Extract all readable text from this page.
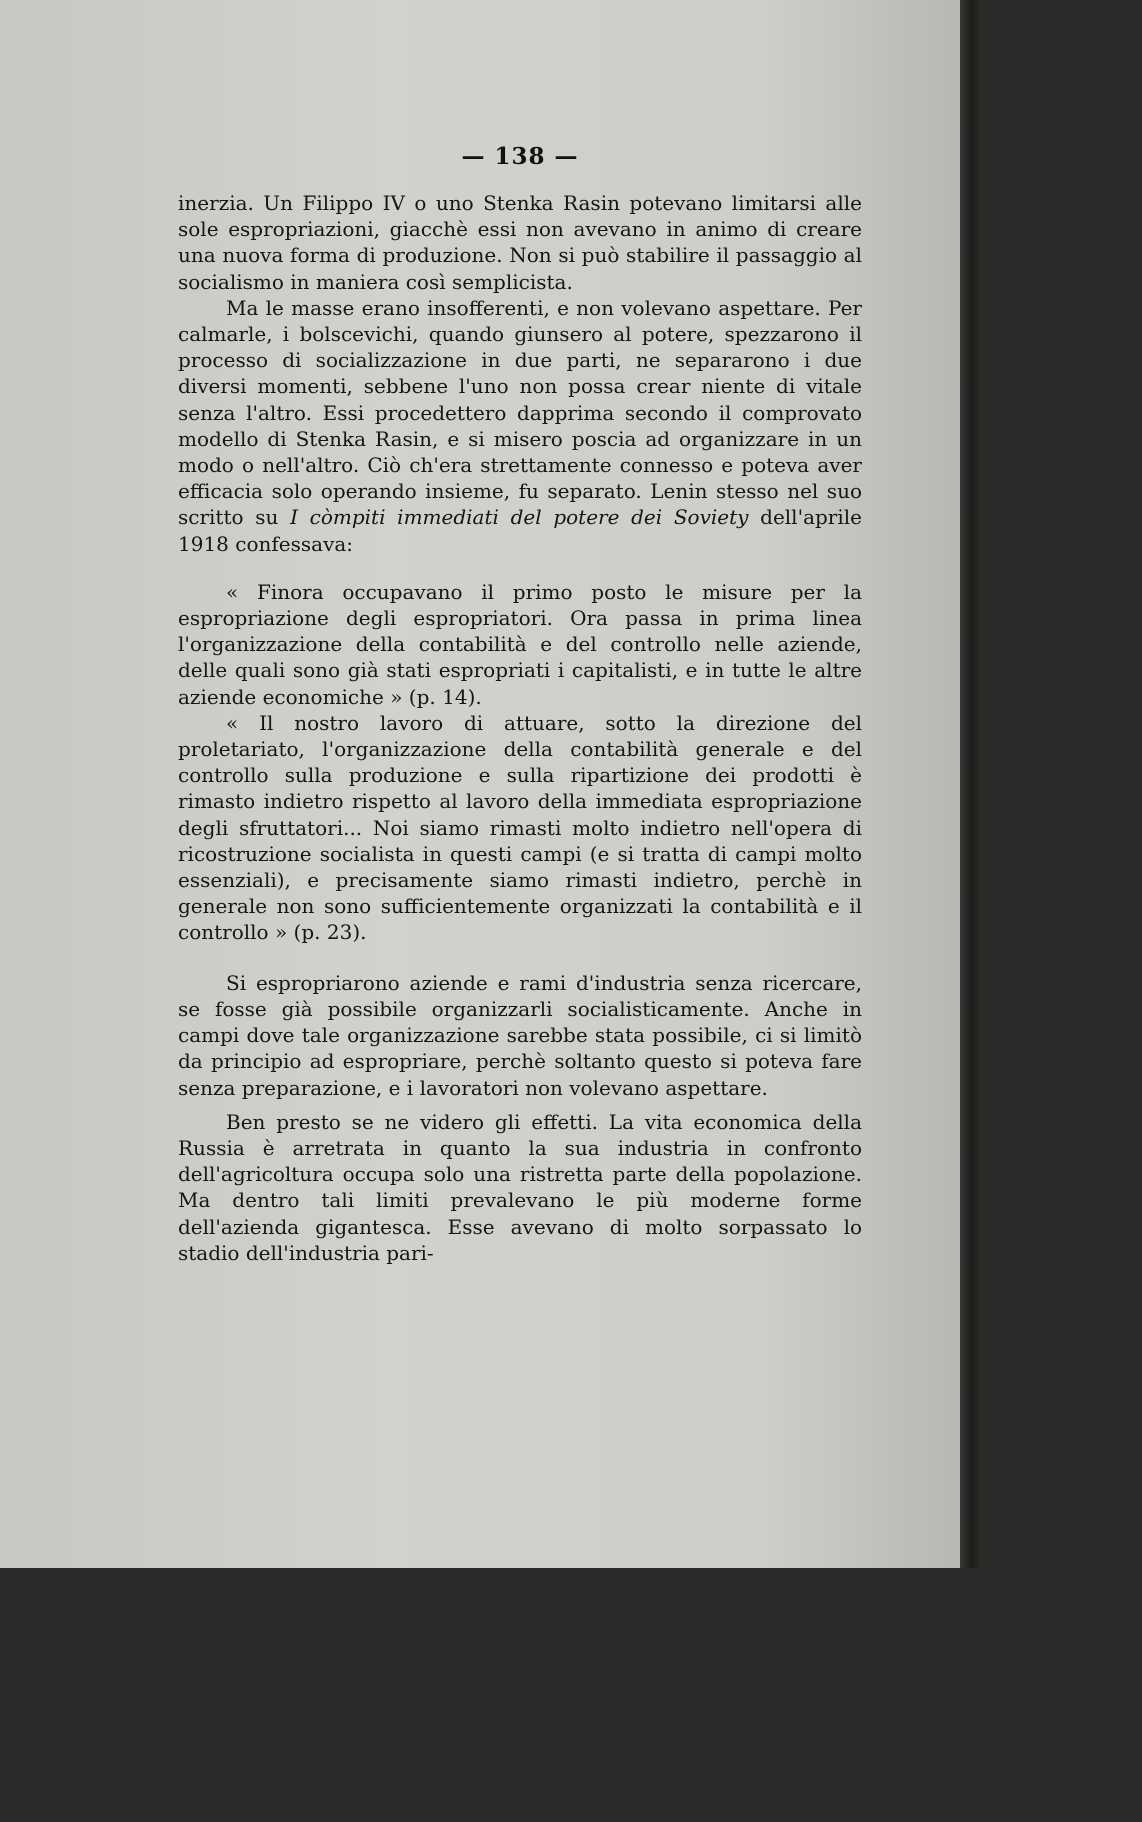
— 138 —

inerzia. Un Filippo IV o uno Stenka Rasin potevano limitarsi alle sole espropriazioni, giacchè essi non avevano in animo di creare una nuova forma di produzione. Non si può stabilire il passaggio al socialismo in maniera così semplicista.

Ma le masse erano insofferenti, e non volevano aspettare. Per calmarle, i bolscevichi, quando giunsero al potere, spezzarono il processo di socializzazione in due parti, ne separarono i due diversi momenti, sebbene l'uno non possa crear niente di vitale senza l'altro. Essi procedettero dapprima secondo il comprovato modello di Stenka Rasin, e si misero poscia ad organizzare in un modo o nell'altro. Ciò ch'era strettamente connesso e poteva aver efficacia solo operando insieme, fu separato. Lenin stesso nel suo scritto su I còmpiti immediati del potere dei Soviety dell'aprile 1918 confessava:

« Finora occupavano il primo posto le misure per la espropriazione degli espropriatori. Ora passa in prima linea l'organizzazione della contabilità e del controllo nelle aziende, delle quali sono già stati espropriati i capitalisti, e in tutte le altre aziende economiche » (p. 14).

« Il nostro lavoro di attuare, sotto la direzione del proletariato, l'organizzazione della contabilità generale e del controllo sulla produzione e sulla ripartizione dei prodotti è rimasto indietro rispetto al lavoro della immediata espropriazione degli sfruttatori... Noi siamo rimasti molto indietro nell'opera di ricostruzione socialista in questi campi (e si tratta di campi molto essenziali), e precisamente siamo rimasti indietro, perchè in generale non sono sufficientemente organizzati la contabilità e il controllo » (p. 23).

Si espropriarono aziende e rami d'industria senza ricercare, se fosse già possibile organizzarli socialisticamente. Anche in campi dove tale organizzazione sarebbe stata possibile, ci si limitò da principio ad espropriare, perchè soltanto questo si poteva fare senza preparazione, e i lavoratori non volevano aspettare.

Ben presto se ne videro gli effetti. La vita economica della Russia è arretrata in quanto la sua industria in confronto dell'agricoltura occupa solo una ristretta parte della popolazione. Ma dentro tali limiti prevalevano le più moderne forme dell'azienda gigantesca. Esse avevano di molto sorpassato lo stadio dell'industria pari-
